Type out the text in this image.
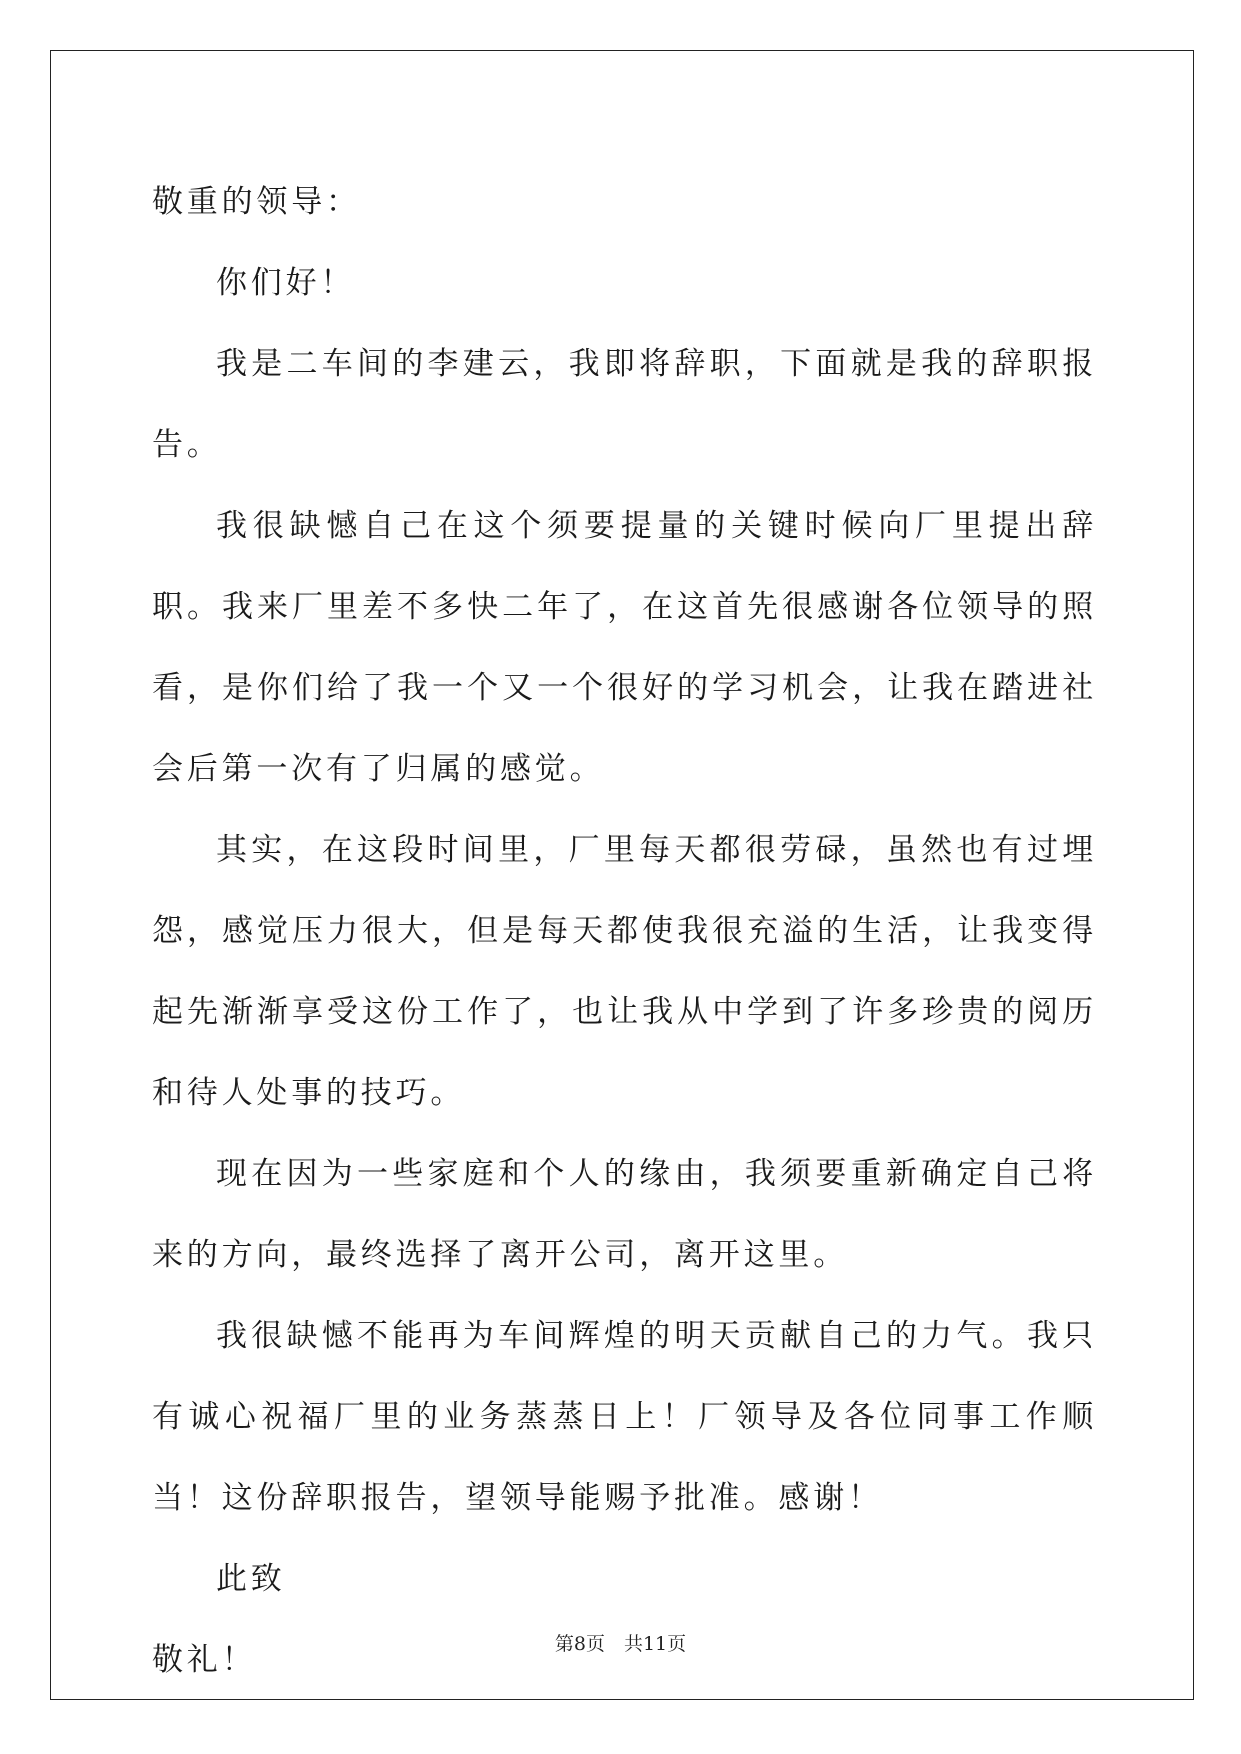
敬重的领导：

你们好！

我是二车间的李建云，我即将辞职，下面就是我的辞职报告。

我很缺憾自己在这个须要提量的关键时候向厂里提出辞职。我来厂里差不多快二年了，在这首先很感谢各位领导的照看，是你们给了我一个又一个很好的学习机会，让我在踏进社会后第一次有了归属的感觉。

其实，在这段时间里，厂里每天都很劳碌，虽然也有过埋怨，感觉压力很大，但是每天都使我很充溢的生活，让我变得起先渐渐享受这份工作了，也让我从中学到了许多珍贵的阅历和待人处事的技巧。

现在因为一些家庭和个人的缘由，我须要重新确定自己将来的方向，最终选择了离开公司，离开这里。

我很缺憾不能再为车间辉煌的明天贡献自己的力气。我只有诚心祝福厂里的业务蒸蒸日上！厂领导及各位同事工作顺当！这份辞职报告，望领导能赐予批准。感谢！

此致

敬礼！	第8页　共11页
